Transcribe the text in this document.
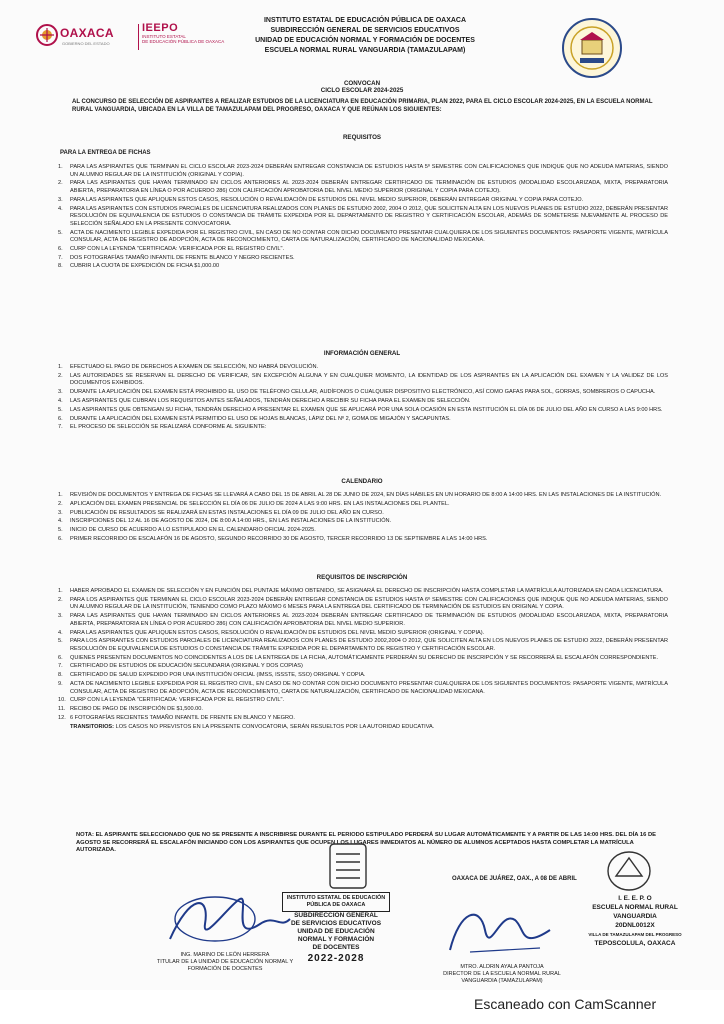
OAXACA
GOBIERNO DEL ESTADO
IEEPO
INSTITUTO ESTATAL
DE EDUCACIÓN PÚBLICA DE OAXACA
INSTITUTO ESTATAL DE EDUCACIÓN PÚBLICA DE OAXACA
SUBDIRECCIÓN GENERAL DE SERVICIOS EDUCATIVOS
UNIDAD DE EDUCACIÓN NORMAL Y FORMACIÓN DE DOCENTES
ESCUELA NORMAL RURAL VANGUARDIA (TAMAZULAPAM)
CONVOCAN
CICLO ESCOLAR 2024-2025
AL CONCURSO DE SELECCIÓN DE ASPIRANTES A REALIZAR ESTUDIOS DE LA LICENCIATURA EN EDUCACIÓN PRIMARIA, PLAN 2022, PARA EL CICLO ESCOLAR 2024-2025, EN LA ESCUELA NORMAL RURAL VANGUARDIA, UBICADA EN LA VILLA DE TAMAZULAPAM DEL PROGRESO, OAXACA Y QUE REÚNAN LOS SIGUIENTES:
REQUISITOS
PARA LA ENTREGA DE FICHAS
1. PARA LAS ASPIRANTES QUE TERMINAN EL CICLO ESCOLAR 2023-2024 DEBERÁN ENTREGAR CONSTANCIA DE ESTUDIOS HASTA 5º SEMESTRE CON CALIFICACIONES QUE INDIQUE QUE NO ADEUDA MATERIAS, SIENDO UN ALUMNO REGULAR DE LA INSTITUCIÓN (ORIGINAL Y COPIA).
2. PARA LAS ASPIRANTES QUE HAYAN TERMINADO EN CICLOS ANTERIORES AL 2023-2024 DEBERÁN ENTREGAR CERTIFICADO DE TERMINACIÓN DE ESTUDIOS (MODALIDAD ESCOLARIZADA, MIXTA, PREPARATORIA ABIERTA, PREPARATORIA EN LÍNEA O POR ACUERDO 286) CON CALIFICACIÓN APROBATORIA DEL NIVEL MEDIO SUPERIOR (ORIGINAL Y COPIA PARA COTEJO).
3. PARA LAS ASPIRANTES QUE APLIQUEN ESTOS CASOS, RESOLUCIÓN O REVALIDACIÓN DE ESTUDIOS DEL NIVEL MEDIO SUPERIOR, DEBERÁN ENTREGAR ORIGINAL Y COPIA PARA COTEJO.
4. PARA LAS ASPIRANTES CON ESTUDIOS PARCIALES DE LICENCIATURA REALIZADOS CON PLANES DE ESTUDIO 2002, 2004 O 2012, QUE SOLICITEN ALTA EN LOS NUEVOS PLANES DE ESTUDIO 2022, DEBERÁN PRESENTAR RESOLUCIÓN DE EQUIVALENCIA DE ESTUDIOS O CONSTANCIA DE TRÁMITE EXPEDIDA POR EL DEPARTAMENTO DE REGISTRO Y CERTIFICACIÓN ESCOLAR, ADEMÁS DE SOMETERSE NUEVAMENTE AL PROCESO DE SELECCIÓN SEÑALADO EN LA PRESENTE CONVOCATORIA.
5. ACTA DE NACIMIENTO LEGIBLE EXPEDIDA POR EL REGISTRO CIVIL, EN CASO DE NO CONTAR CON DICHO DOCUMENTO PRESENTAR CUALQUIERA DE LOS SIGUIENTES DOCUMENTOS: PASAPORTE VIGENTE, MATRÍCULA CONSULAR, ACTA DE REGISTRO DE ADOPCIÓN, ACTA DE RECONOCIMIENTO, CARTA DE NATURALIZACIÓN, CERTIFICADO DE NACIONALIDAD MEXICANA.
6. CURP CON LA LEYENDA "CERTIFICADA: VERIFICADA POR EL REGISTRO CIVIL".
7. DOS FOTOGRAFÍAS TAMAÑO INFANTIL DE FRENTE BLANCO Y NEGRO RECIENTES.
8. CUBRIR LA CUOTA DE EXPEDICIÓN DE FICHA $1,000.00
INFORMACIÓN GENERAL
1. EFECTUADO EL PAGO DE DERECHOS A EXAMEN DE SELECCIÓN, NO HABRÁ DEVOLUCIÓN.
2. LAS AUTORIDADES SE RESERVAN EL DERECHO DE VERIFICAR, SIN EXCEPCIÓN ALGUNA Y EN CUALQUIER MOMENTO, LA IDENTIDAD DE LOS ASPIRANTES EN LA APLICACIÓN DEL EXAMEN Y LA VALIDEZ DE LOS DOCUMENTOS EXHIBIDOS.
3. DURANTE LA APLICACIÓN DEL EXAMEN ESTÁ PROHIBIDO EL USO DE TELÉFONO CELULAR, AUDÍFONOS O CUALQUIER DISPOSITIVO ELECTRÓNICO, ASÍ COMO GAFAS PARA SOL, GORRAS, SOMBREROS O CAPUCHA.
4. LAS ASPIRANTES QUE CUBRAN LOS REQUISITOS ANTES SEÑALADOS, TENDRÁN DERECHO A RECIBIR SU FICHA PARA EL EXAMEN DE SELECCIÓN.
5. LAS ASPIRANTES QUE OBTENGAN SU FICHA, TENDRÁN DERECHO A PRESENTAR EL EXAMEN QUE SE APLICARÁ POR UNA SOLA OCASIÓN EN ESTA INSTITUCIÓN EL DÍA 06 DE JULIO DEL AÑO EN CURSO A LAS 9:00 HRS.
6. DURANTE LA APLICACIÓN DEL EXAMEN ESTÁ PERMITIDO EL USO DE HOJAS BLANCAS, LÁPIZ DEL Nº 2, GOMA DE MIGAJÓN Y SACAPUNTAS.
7. EL PROCESO DE SELECCIÓN SE REALIZARÁ CONFORME AL SIGUIENTE:
CALENDARIO
1. REVISIÓN DE DOCUMENTOS Y ENTREGA DE FICHAS SE LLEVARÁ A CABO DEL 15 DE ABRIL AL 28 DE JUNIO DE 2024, EN DÍAS HÁBILES EN UN HORARIO DE 8:00 A 14:00 HRS. EN LAS INSTALACIONES DE LA INSTITUCIÓN.
2. APLICACIÓN DEL EXAMEN PRESENCIAL DE SELECCIÓN EL DÍA 06 DE JULIO DE 2024 A LAS 9:00 HRS. EN LAS INSTALACIONES DEL PLANTEL.
3. PUBLICACIÓN DE RESULTADOS SE REALIZARÁ EN ESTAS INSTALACIONES EL DÍA 09 DE JULIO DEL AÑO EN CURSO.
4. INSCRIPCIONES DEL 12 AL 16 DE AGOSTO DE 2024, DE 8:00 A 14:00 HRS., EN LAS INSTALACIONES DE LA INSTITUCIÓN.
5. INICIO DE CURSO DE ACUERDO A LO ESTIPULADO EN EL CALENDARIO OFICIAL 2024-2025.
6. PRIMER RECORRIDO DE ESCALAFÓN 16 DE AGOSTO, SEGUNDO RECORRIDO 30 DE AGOSTO, TERCER RECORRIDO 13 DE SEPTIEMBRE A LAS 14:00 HRS.
REQUISITOS DE INSCRIPCIÓN
1. HABER APROBADO EL EXAMEN DE SELECCIÓN Y EN FUNCIÓN DEL PUNTAJE MÁXIMO OBTENIDO, SE ASIGNARÁ EL DERECHO DE INSCRIPCIÓN HASTA COMPLETAR LA MATRÍCULA AUTORIZADA EN CADA LICENCIATURA.
2. PARA LOS ASPIRANTES QUE TERMINAN EL CICLO ESCOLAR 2023-2024 DEBERÁN ENTREGAR CONSTANCIA DE ESTUDIOS HASTA 6º SEMESTRE CON CALIFICACIONES QUE INDIQUE QUE NO ADEUDA MATERIAS, SIENDO UN ALUMNO REGULAR DE LA INSTITUCIÓN, TENIENDO COMO PLAZO MÁXIMO 6 MESES PARA LA ENTREGA DEL CERTIFICADO DE TERMINACIÓN DE ESTUDIOS EN ORIGINAL Y COPIA.
3. PARA LAS ASPIRANTES QUE HAYAN TERMINADO EN CICLOS ANTERIORES AL 2023-2024 DEBERÁN ENTREGAR CERTIFICADO DE TERMINACIÓN DE ESTUDIOS (MODALIDAD ESCOLARIZADA, MIXTA, PREPARATORIA ABIERTA, PREPARATORIA EN LÍNEA O POR ACUERDO 286) CON CALIFICACIÓN APROBATORIA DEL NIVEL MEDIO SUPERIOR.
4. PARA LAS ASPIRANTES QUE APLIQUEN ESTOS CASOS, RESOLUCIÓN O REVALIDACIÓN DE ESTUDIOS DEL NIVEL MEDIO SUPERIOR (ORIGINAL Y COPIA).
5. PARA LOS ASPIRANTES CON ESTUDIOS PARCIALES DE LICENCIATURA REALIZADOS CON PLANES DE ESTUDIO 2002,2004 O 2012, QUE SOLICITEN ALTA EN LOS NUEVOS PLANES DE ESTUDIO 2022, DEBERÁN PRESENTAR RESOLUCIÓN DE EQUIVALENCIA DE ESTUDIOS O CONSTANCIA DE TRÁMITE EXPEDIDA POR EL DEPARTAMENTO DE REGISTRO Y CERTIFICACIÓN ESCOLAR.
6. QUIENES PRESENTEN DOCUMENTOS NO COINCIDENTES A LOS DE LA ENTREGA DE LA FICHA, AUTOMÁTICAMENTE PERDERÁN SU DERECHO DE INSCRIPCIÓN Y SE RECORRERÁ EL ESCALAFÓN CORRESPONDIENTE.
7. CERTIFICADO DE ESTUDIOS DE EDUCACIÓN SECUNDARIA (ORIGINAL Y DOS COPIAS)
8. CERTIFICADO DE SALUD EXPEDIDO POR UNA INSTITUCIÓN OFICIAL (IMSS, ISSSTE, SSO) ORIGINAL Y COPIA.
9. ACTA DE NACIMIENTO LEGIBLE EXPEDIDA POR EL REGISTRO CIVIL, EN CASO DE NO CONTAR CON DICHO DOCUMENTO PRESENTAR CUALQUIERA DE LOS SIGUIENTES DOCUMENTOS: PASAPORTE VIGENTE, MATRÍCULA CONSULAR, ACTA DE REGISTRO DE ADOPCIÓN, ACTA DE RECONOCIMIENTO, CARTA DE NATURALIZACIÓN, CERTIFICADO DE NACIONALIDAD MEXICANA.
10. CURP CON LA LEYENDA "CERTIFICADA: VERIFICADA POR EL REGISTRO CIVIL".
11. RECIBO DE PAGO DE INSCRIPCIÓN DE $1,500.00.
12. 6 FOTOGRAFÍAS RECIENTES TAMAÑO INFANTIL DE FRENTE EN BLANCO Y NEGRO.
TRANSITORIOS: LOS CASOS NO PREVISTOS EN LA PRESENTE CONVOCATORIA, SERÁN RESUELTOS POR LA AUTORIDAD EDUCATIVA.
NOTA: EL ASPIRANTE SELECCIONADO QUE NO SE PRESENTE A INSCRIBIRSE DURANTE EL PERIODO ESTIPULADO PERDERÁ SU LUGAR AUTOMÁTICAMENTE Y A PARTIR DE LAS 14:00 HRS. DEL DÍA 16 DE AGOSTO SE RECORRERÁ EL ESCALAFÓN INICIANDO CON LOS ASPIRANTES QUE OCUPEN LOS LUGARES INMEDIATOS AL NÚMERO DE ALUMNOS ACEPTADOS HASTA COMPLETAR LA MATRÍCULA AUTORIZADA.
OAXACA DE JUÁREZ, OAX., A 08 DE ABRIL
ING. MARINO DE LEÓN HERRERA
TITULAR DE LA UNIDAD DE EDUCACIÓN NORMAL Y
FORMACIÓN DE DOCENTES
INSTITUTO ESTATAL DE EDUCACIÓN PÚBLICA DE OAXACA
SUBDIRECCIÓN GENERAL
DE SERVICIOS EDUCATIVOS
UNIDAD DE EDUCACIÓN
NORMAL Y FORMACIÓN
DE DOCENTES
2022-2028
MTRO. ALDRIN AYALA PANTOJA
DIRECTOR DE LA ESCUELA NORMAL RURAL
VANGUARDIA (TAMAZULAPAM)
I. E. E. P. O
ESCUELA NORMAL RURAL
VANGUARDIA
20DNL0012X
VILLA DE TAMAZULAPAM DEL PROGRESO
TEPOSCOLULA, OAXACA
Escaneado con CamScanner
